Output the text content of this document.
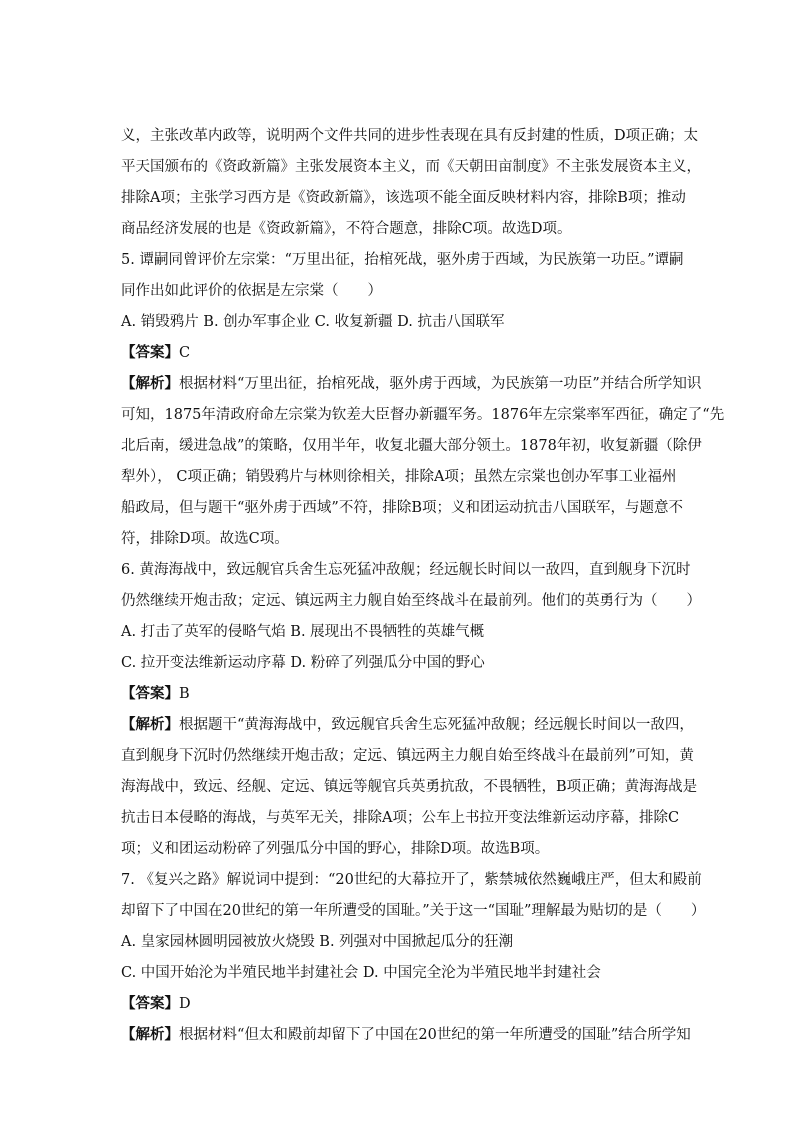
义，主张改革内政等，说明两个文件共同的进步性表现在具有反封建的性质，D项正确；太
平天国颁布的《资政新篇》主张发展资本主义，而《天朝田亩制度》不主张发展资本主义，
排除A项；主张学习西方是《资政新篇》，该选项不能全面反映材料内容，排除B项；推动
商品经济发展的也是《资政新篇》，不符合题意，排除C项。故选D项。
5. 谭嗣同曾评价左宗棠：“万里出征，抬棺死战，驱外虏于西域，为民族第一功臣。”谭嗣
同作出如此评价的依据是左宗棠（　　）
A. 销毁鸦片 B. 创办军事企业 C. 收复新疆 D. 抗击八国联军
【答案】C
【解析】根据材料“万里出征，抬棺死战，驱外虏于西域，为民族第一功臣”并结合所学知识
可知，1875年清政府命左宗棠为钦差大臣督办新疆军务。1876年左宗棠率军西征，确定了“先
北后南，缓进急战”的策略，仅用半年，收复北疆大部分领土。1878年初，收复新疆（除伊
犁外）， C项正确；销毁鸦片与林则徐相关，排除A项；虽然左宗棠也创办军事工业福州
船政局，但与题干“驱外虏于西域”不符，排除B项；义和团运动抗击八国联军，与题意不
符，排除D项。故选C项。
6. 黄海海战中，致远舰官兵舍生忘死猛冲敌舰；经远舰长时间以一敌四，直到舰身下沉时
仍然继续开炮击敌；定远、镇远两主力舰自始至终战斗在最前列。他们的英勇行为（　　）
A. 打击了英军的侵略气焰 B. 展现出不畏牺牲的英雄气概
C. 拉开变法维新运动序幕 D. 粉碎了列强瓜分中国的野心
【答案】B
【解析】根据题干“黄海海战中，致远舰官兵舍生忘死猛冲敌舰；经远舰长时间以一敌四，
直到舰身下沉时仍然继续开炮击敌；定远、镇远两主力舰自始至终战斗在最前列”可知，黄
海海战中，致远、经舰、定远、镇远等舰官兵英勇抗敌，不畏牺牲，B项正确；黄海海战是
抗击日本侵略的海战，与英军无关，排除A项；公车上书拉开变法维新运动序幕，排除C
项；义和团运动粉碎了列强瓜分中国的野心，排除D项。故选B项。
7. 《复兴之路》解说词中提到：“20世纪的大幕拉开了，紫禁城依然巍峨庄严，但太和殿前
却留下了中国在20世纪的第一年所遭受的国耻。”关于这一“国耻”理解最为贴切的是（　　）
A. 皇家园林圆明园被放火烧毁 B. 列强对中国掀起瓜分的狂潮
C. 中国开始沦为半殖民地半封建社会 D. 中国完全沦为半殖民地半封建社会
【答案】D
【解析】根据材料“但太和殿前却留下了中国在20世纪的第一年所遭受的国耻”结合所学知
